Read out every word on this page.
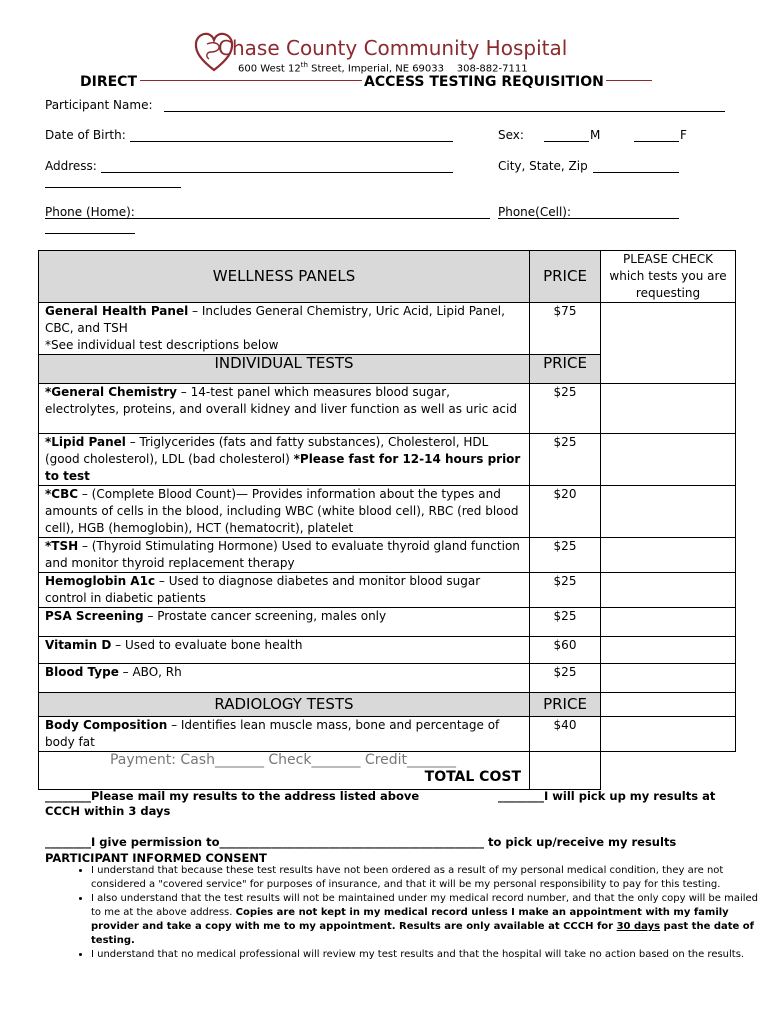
Chase County Community Hospital
600 West 12th Street, Imperial, NE 69033 308-882-7111
DIRECT	ACCESS TESTING REQUISITION
Participant Name:
Date of Birth:	Sex:	M	F
Address:	City, State, Zip
Phone (Home):	Phone(Cell):
WELLNESS PANELS	PRICE	PLEASE CHECK which tests you are requesting
General Health Panel – Includes General Chemistry, Uric Acid, Lipid Panel, CBC, and TSH
*See individual test descriptions below	$75	
INDIVIDUAL TESTS	PRICE	
*General Chemistry – 14-test panel which measures blood sugar, electrolytes, proteins, and overall kidney and liver function as well as uric acid	$25	
*Lipid Panel – Triglycerides (fats and fatty substances), Cholesterol, HDL (good cholesterol), LDL (bad cholesterol) *Please fast for 12-14 hours prior to test	$25	
*CBC – (Complete Blood Count)— Provides information about the types and amounts of cells in the blood, including WBC (white blood cell), RBC (red blood cell), HGB (hemoglobin), HCT (hematocrit), platelet	$20	
*TSH – (Thyroid Stimulating Hormone) Used to evaluate thyroid gland function and monitor thyroid replacement therapy	$25	
Hemoglobin A1c – Used to diagnose diabetes and monitor blood sugar control in diabetic patients	$25	
PSA Screening – Prostate cancer screening, males only	$25	
Vitamin D – Used to evaluate bone health	$60	
Blood Type – ABO, Rh	$25	
RADIOLOGY TESTS	PRICE	
Body Composition – Identifies lean muscle mass, bone and percentage of body fat	$40	

Payment: Cash_______ Check_______ Credit_______
TOTAL COST		

________Please mail my results to the address listed above
CCCH within 3 days
________I will pick up my results at
________I give permission to______________________________________________ to pick up/receive my results
PARTICIPANT INFORMED CONSENT
• I understand that because these test results have not been ordered as a result of my personal medical condition, they are not considered a "covered service" for purposes of insurance, and that it will be my personal responsibility to pay for this testing.
• I also understand that the test results will not be maintained under my medical record number, and that the only copy will be mailed to me at the above address. Copies are not kept in my medical record unless I make an appointment with my family provider and take a copy with me to my appointment. Results are only available at CCCH for 30 days past the date of testing.
• I understand that no medical professional will review my test results and that the hospital will take no action based on the results.
